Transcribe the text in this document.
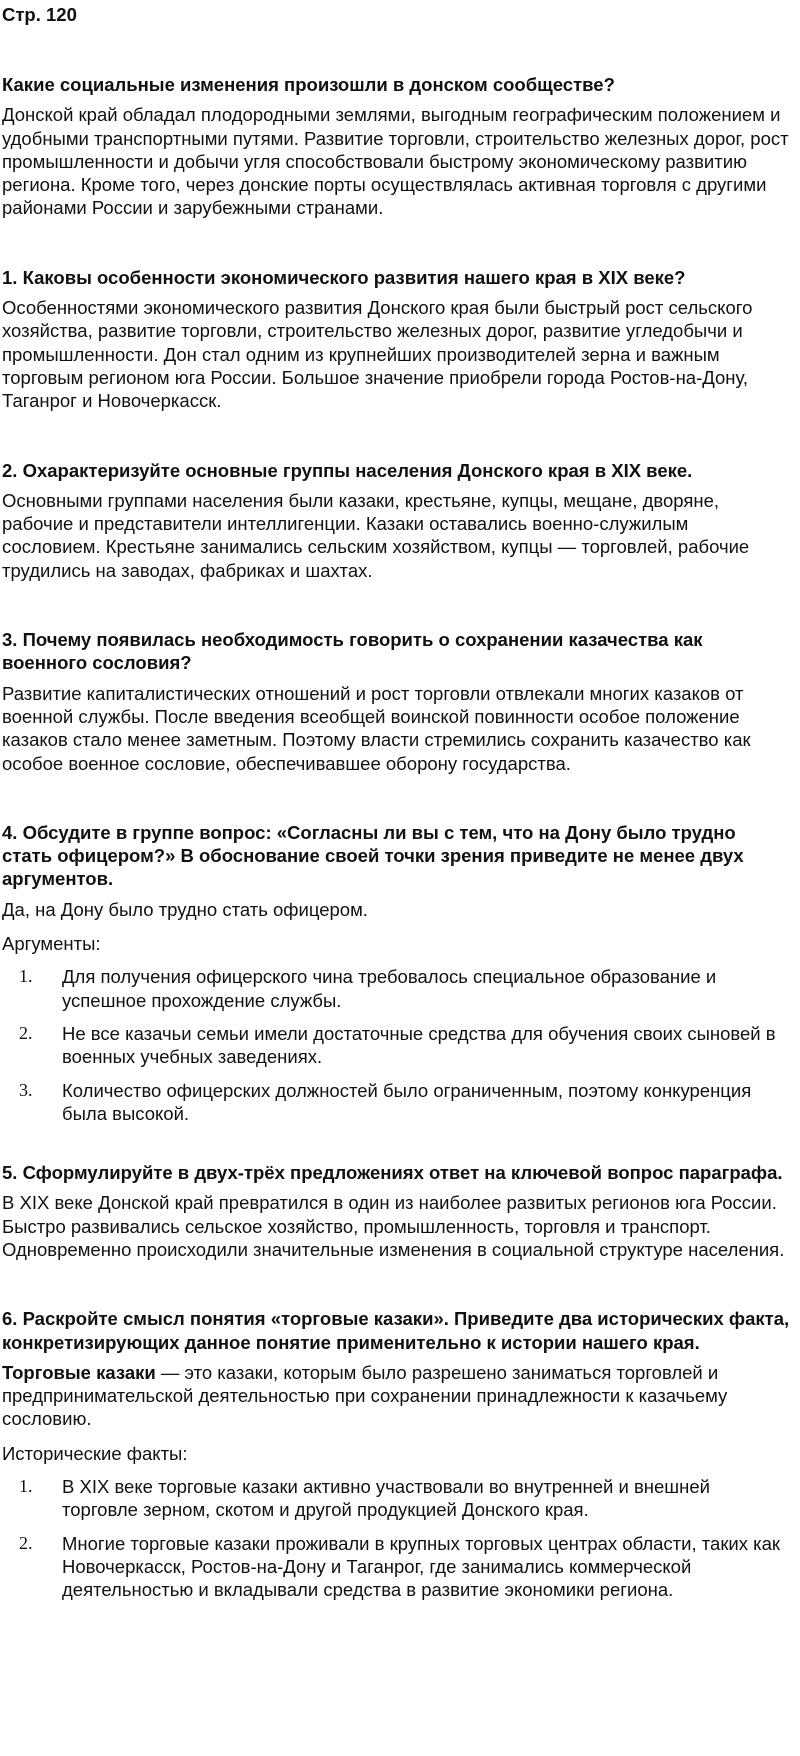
Стр. 120
Какие социальные изменения произошли в донском сообществе?

Донской край обладал плодородными землями, выгодным географическим положением и удобными транспортными путями. Развитие торговли, строительство железных дорог, рост промышленности и добычи угля способствовали быстрому экономическому развитию региона. Кроме того, через донские порты осуществлялась активная торговля с другими районами России и зарубежными странами.

1. Каковы особенности экономического развития нашего края в XIX веке?

Особенностями экономического развития Донского края были быстрый рост сельского хозяйства, развитие торговли, строительство железных дорог, развитие угледобычи и промышленности. Дон стал одним из крупнейших производителей зерна и важным торговым регионом юга России. Большое значение приобрели города Ростов-на-Дону, Таганрог и Новочеркасск.

2. Охарактеризуйте основные группы населения Донского края в XIX веке.

Основными группами населения были казаки, крестьяне, купцы, мещане, дворяне, рабочие и представители интеллигенции. Казаки оставались военно-служилым сословием. Крестьяне занимались сельским хозяйством, купцы — торговлей, рабочие трудились на заводах, фабриках и шахтах.

3. Почему появилась необходимость говорить о сохранении казачества как военного сословия?

Развитие капиталистических отношений и рост торговли отвлекали многих казаков от военной службы. После введения всеобщей воинской повинности особое положение казаков стало менее заметным. Поэтому власти стремились сохранить казачество как особое военное сословие, обеспечивавшее оборону государства.

4. Обсудите в группе вопрос: «Согласны ли вы с тем, что на Дону было трудно стать офицером?» В обоснование своей точки зрения приведите не менее двух аргументов.

Да, на Дону было трудно стать офицером.

Аргументы:

1. Для получения офицерского чина требовалось специальное образование и успешное прохождение службы.
2. Не все казачьи семьи имели достаточные средства для обучения своих сыновей в военных учебных заведениях.
3. Количество офицерских должностей было ограниченным, поэтому конкуренция была высокой.
5. Сформулируйте в двух-трёх предложениях ответ на ключевой вопрос параграфа.

В XIX веке Донской край превратился в один из наиболее развитых регионов юга России. Быстро развивались сельское хозяйство, промышленность, торговля и транспорт. Одновременно происходили значительные изменения в социальной структуре населения.

6. Раскройте смысл понятия «торговые казаки». Приведите два исторических факта, конкретизирующих данное понятие применительно к истории нашего края.

Торговые казаки — это казаки, которым было разрешено заниматься торговлей и предпринимательской деятельностью при сохранении принадлежности к казачьему сословию.

Исторические факты:

1. В XIX веке торговые казаки активно участвовали во внутренней и внешней торговле зерном, скотом и другой продукцией Донского края.
2. Многие торговые казаки проживали в крупных торговых центрах области, таких как Новочеркасск, Ростов-на-Дону и Таганрог, где занимались коммерческой деятельностью и вкладывали средства в развитие экономики региона.
